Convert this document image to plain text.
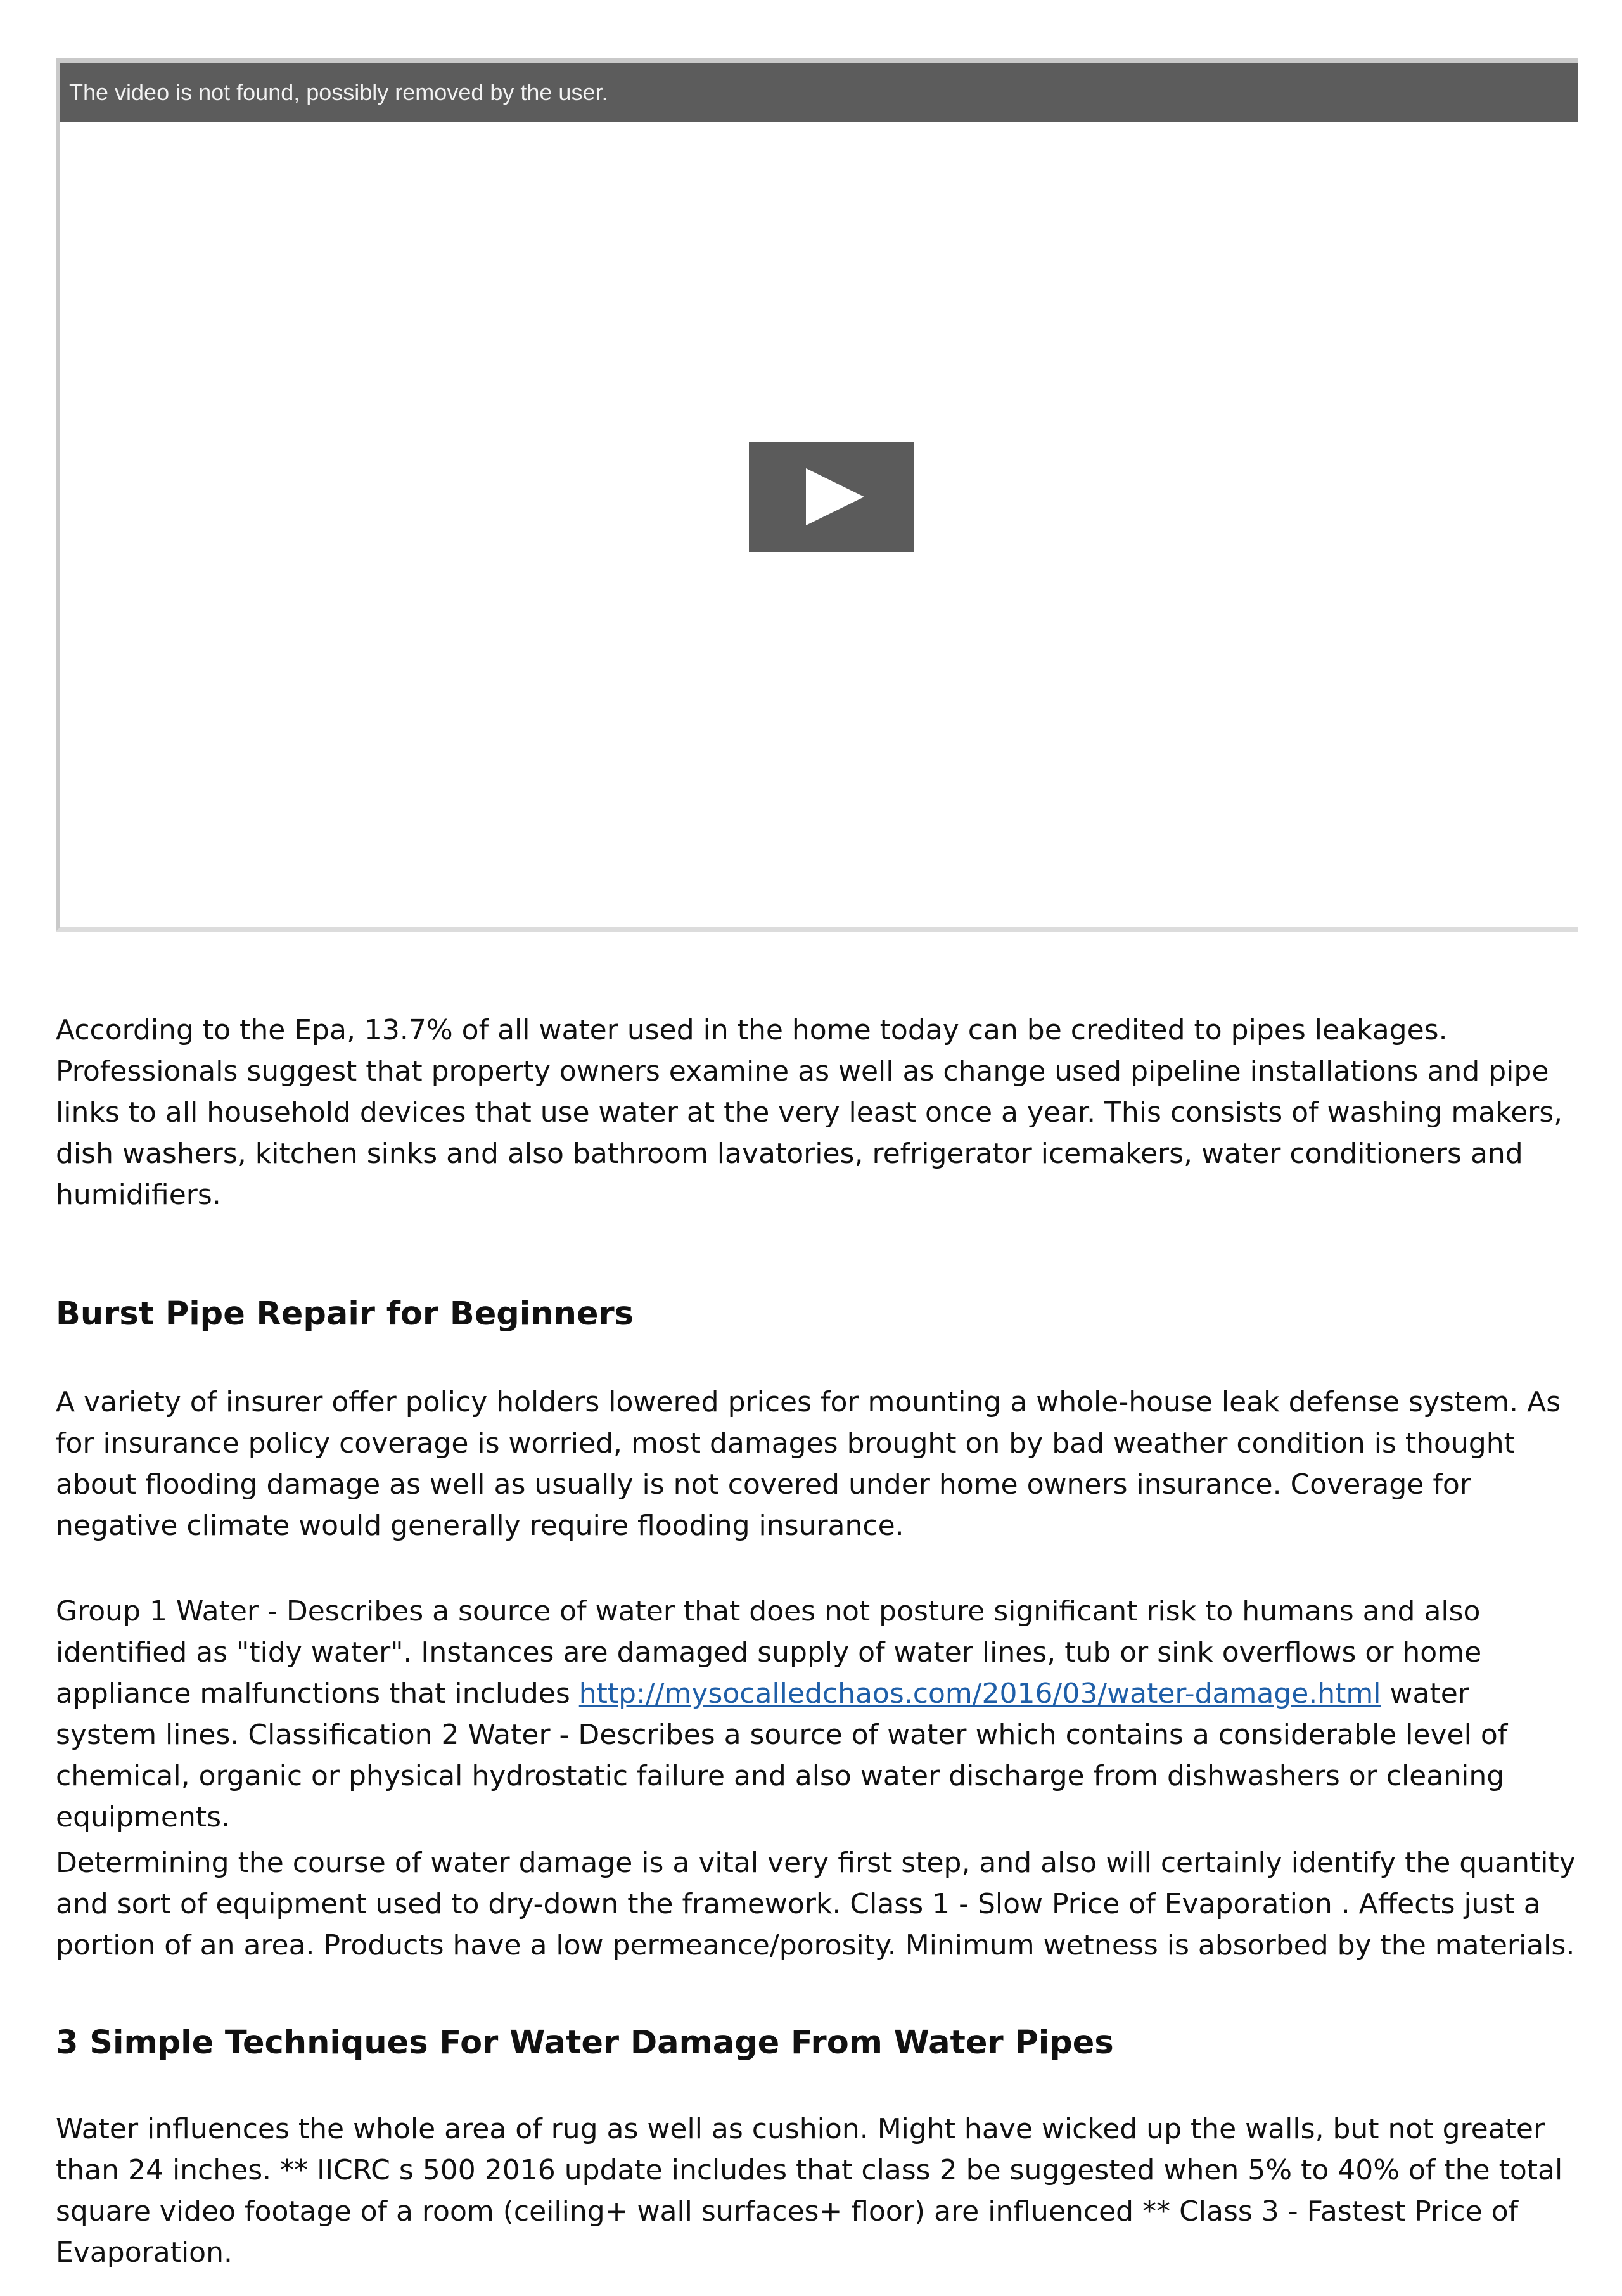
The video is not found, possibly removed by the user.

According to the Epa, 13.7% of all water used in the home today can be credited to pipes leakages. Professionals suggest that property owners examine as well as change used pipeline installations and pipe links to all household devices that use water at the very least once a year. This consists of washing makers, dish washers, kitchen sinks and also bathroom lavatories, refrigerator icemakers, water conditioners and humidifiers.

Burst Pipe Repair for Beginners

A variety of insurer offer policy holders lowered prices for mounting a whole-house leak defense system. As for insurance policy coverage is worried, most damages brought on by bad weather condition is thought about flooding damage as well as usually is not covered under home owners insurance. Coverage for negative climate would generally require flooding insurance.

Group 1 Water - Describes a source of water that does not posture significant risk to humans and also identified as "tidy water". Instances are damaged supply of water lines, tub or sink overflows or home appliance malfunctions that includes http://mysocalledchaos.com/2016/03/water-damage.html water system lines. Classification 2 Water - Describes a source of water which contains a considerable level of chemical, organic or physical hydrostatic failure and also water discharge from dishwashers or cleaning equipments.

Determining the course of water damage is a vital very first step, and also will certainly identify the quantity and sort of equipment used to dry-down the framework. Class 1 - Slow Price of Evaporation . Affects just a portion of an area. Products have a low permeance/porosity. Minimum wetness is absorbed by the materials.

3 Simple Techniques For Water Damage From Water Pipes

Water influences the whole area of rug as well as cushion. Might have wicked up the walls, but not greater than 24 inches. ** IICRC s 500 2016 update includes that class 2 be suggested when 5% to 40% of the total square video footage of a room (ceiling+ wall surfaces+ floor) are influenced ** Class 3 - Fastest Price of Evaporation.
